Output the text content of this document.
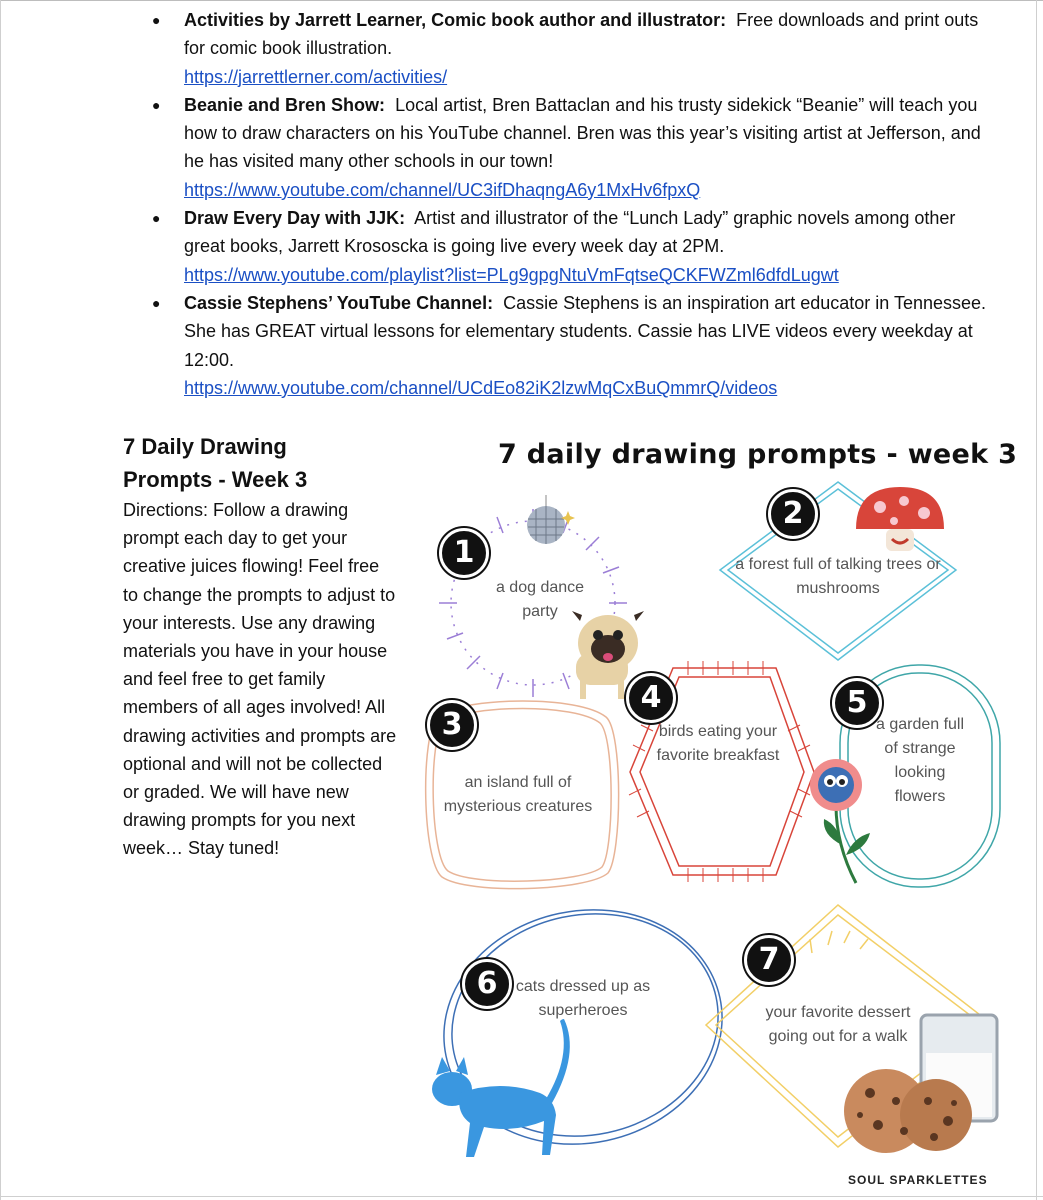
● Activities by Jarrett Learner, Comic book author and illustrator: Free downloads and print outs for comic book illustration.
https://jarrettlerner.com/activities/
● Beanie and Bren Show: Local artist, Bren Battaclan and his trusty sidekick “Beanie” will teach you how to draw characters on his YouTube channel. Bren was this year’s visiting artist at Jefferson, and he has visited many other schools in our town!
https://www.youtube.com/channel/UC3ifDhaqngA6y1MxHv6fpxQ
● Draw Every Day with JJK: Artist and illustrator of the “Lunch Lady” graphic novels among other great books, Jarrett Krososcka is going live every week day at 2PM.
https://www.youtube.com/playlist?list=PLg9gpgNtuVmFqtseQCKFWZml6dfdLugwt
● Cassie Stephens’ YouTube Channel: Cassie Stephens is an inspiration art educator in Tennessee. She has GREAT virtual lessons for elementary students. Cassie has LIVE videos every weekday at 12:00.
https://www.youtube.com/channel/UCdEo82iK2lzwMqCxBuQmmrQ/videos
7 Daily Drawing Prompts - Week 3
Directions: Follow a drawing prompt each day to get your creative juices flowing! Feel free to change the prompts to adjust to your interests. Use any drawing materials you have in your house and feel free to get family members of all ages involved! All drawing activities and prompts are optional and will not be collected or graded. We will have new drawing prompts for you next week… Stay tuned!
7 daily drawing prompts - week 3
1
2
3
4	5
6
7
a dog dance party
a forest full of talking trees or mushrooms
an island full of mysterious creatures
birds eating your favorite breakfast
a garden full of strange looking flowers
cats dressed up as superheroes	your favorite dessert going out for a walk
SOUL SPARKLETTES
